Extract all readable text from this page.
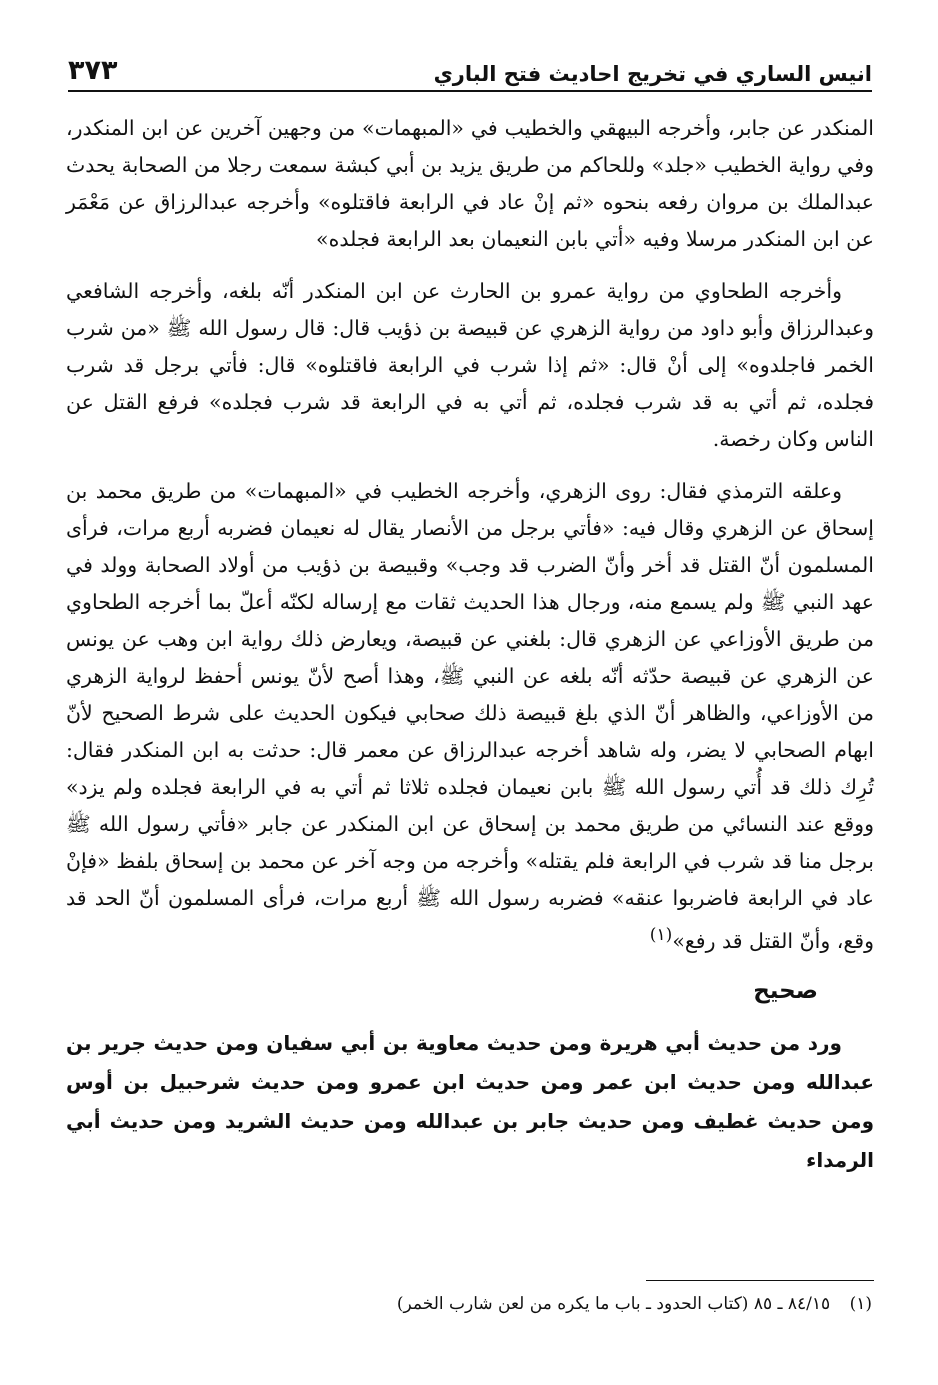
انيس الساري في تخريج احاديث فتح الباري
٣٧٣

المنكدر عن جابر، وأخرجه البيهقي والخطيب في «المبهمات» من وجهين آخرين عن ابن المنكدر، وفي رواية الخطيب «جلد» وللحاكم من طريق يزيد بن أبي كبشة سمعت رجلا من الصحابة يحدث عبدالملك بن مروان رفعه بنحوه «ثم إنْ عاد في الرابعة فاقتلوه» وأخرجه عبدالرزاق عن مَعْمَر عن ابن المنكدر مرسلا وفيه «أتي بابن النعيمان بعد الرابعة فجلده»

وأخرجه الطحاوي من رواية عمرو بن الحارث عن ابن المنكدر أنّه بلغه، وأخرجه الشافعي وعبدالرزاق وأبو داود من رواية الزهري عن قبيصة بن ذؤيب قال: قال رسول الله ﷺ «من شرب الخمر فاجلدوه» إلى أنْ قال: «ثم إذا شرب في الرابعة فاقتلوه» قال: فأتي برجل قد شرب فجلده، ثم أتي به قد شرب فجلده، ثم أتي به في الرابعة قد شرب فجلده» فرفع القتل عن الناس وكان رخصة.

وعلقه الترمذي فقال: روى الزهري، وأخرجه الخطيب في «المبهمات» من طريق محمد بن إسحاق عن الزهري وقال فيه: «فأتي برجل من الأنصار يقال له نعيمان فضربه أربع مرات، فرأى المسلمون أنّ القتل قد أخر وأنّ الضرب قد وجب» وقبيصة بن ذؤيب من أولاد الصحابة وولد في عهد النبي ﷺ ولم يسمع منه، ورجال هذا الحديث ثقات مع إرساله لكنّه أعلّ بما أخرجه الطحاوي من طريق الأوزاعي عن الزهري قال: بلغني عن قبيصة، ويعارض ذلك رواية ابن وهب عن يونس عن الزهري عن قبيصة حدّثه أنّه بلغه عن النبي ﷺ، وهذا أصح لأنّ يونس أحفظ لرواية الزهري من الأوزاعي، والظاهر أنّ الذي بلغ قبيصة ذلك صحابي فيكون الحديث على شرط الصحيح لأنّ ابهام الصحابي لا يضر، وله شاهد أخرجه عبدالرزاق عن معمر قال: حدثت به ابن المنكدر فقال: تُرِك ذلك قد أُتي رسول الله ﷺ بابن نعيمان فجلده ثلاثا ثم أتي به في الرابعة فجلده ولم يزد» ووقع عند النسائي من طريق محمد بن إسحاق عن ابن المنكدر عن جابر «فأتي رسول الله ﷺ برجل منا قد شرب في الرابعة فلم يقتله» وأخرجه من وجه آخر عن محمد بن إسحاق بلفظ «فإنْ عاد في الرابعة فاضربوا عنقه» فضربه رسول الله ﷺ أربع مرات، فرأى المسلمون أنّ الحد قد وقع، وأنّ القتل قد رفع»$^{(١)}$

صحيح

ورد من حديث أبي هريرة ومن حديث معاوية بن أبي سفيان ومن حديث جرير بن عبدالله ومن حديث ابن عمر ومن حديث ابن عمرو ومن حديث شرحبيل بن أوس ومن حديث غطيف ومن حديث جابر بن عبدالله ومن حديث الشريد ومن حديث أبي الرمداء

(١) ٨٤/١٥ ـ ٨٥ (كتاب الحدود ـ باب ما يكره من لعن شارب الخمر)
